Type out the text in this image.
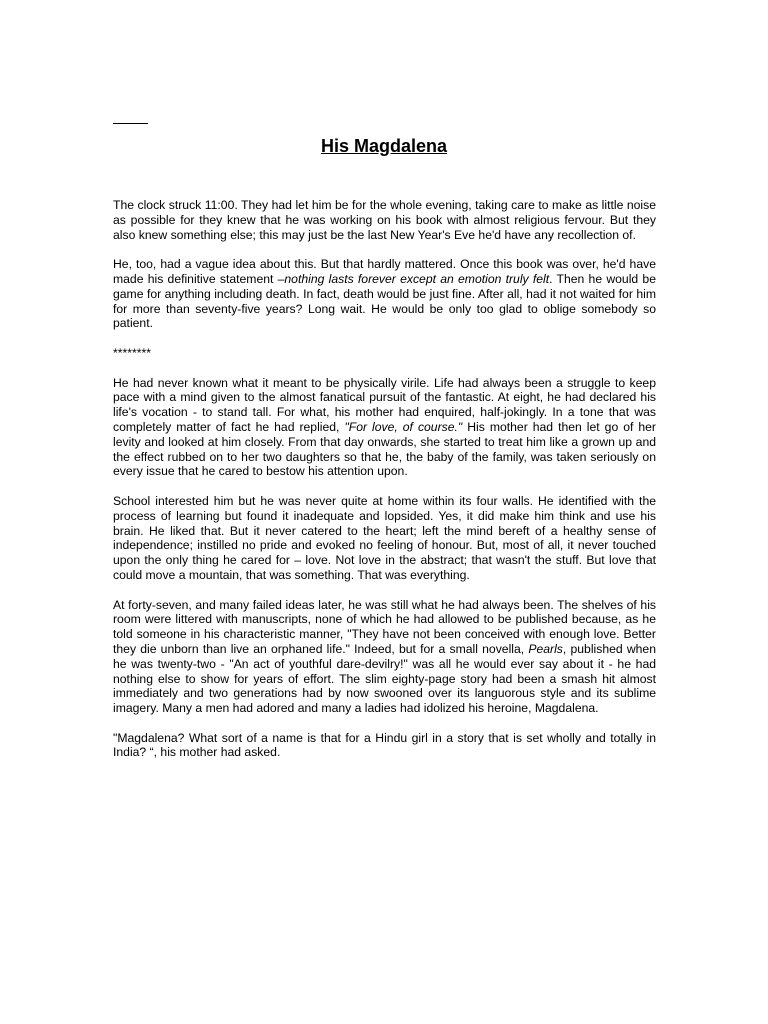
His Magdalena

The clock struck 11:00. They had let him be for the whole evening, taking care to make as little noise as possible for they knew that he was working on his book with almost religious fervour. But they also knew something else; this may just be the last New Year's Eve he'd have any recollection of.

He, too, had a vague idea about this. But that hardly mattered. Once this book was over, he'd have made his definitive statement –nothing lasts forever except an emotion truly felt. Then he would be game for anything including death. In fact, death would be just fine. After all, had it not waited for him for more than seventy-five years? Long wait. He would be only too glad to oblige somebody so patient.

********

He had never known what it meant to be physically virile. Life had always been a struggle to keep pace with a mind given to the almost fanatical pursuit of the fantastic. At eight, he had declared his life's vocation - to stand tall. For what, his mother had enquired, half-jokingly. In a tone that was completely matter of fact he had replied, "For love, of course." His mother had then let go of her levity and looked at him closely. From that day onwards, she started to treat him like a grown up and the effect rubbed on to her two daughters so that he, the baby of the family, was taken seriously on every issue that he cared to bestow his attention upon.

School interested him but he was never quite at home within its four walls. He identified with the process of learning but found it inadequate and lopsided. Yes, it did make him think and use his brain. He liked that. But it never catered to the heart; left the mind bereft of a healthy sense of independence; instilled no pride and evoked no feeling of honour. But, most of all, it never touched upon the only thing he cared for – love. Not love in the abstract; that wasn't the stuff. But love that could move a mountain, that was something. That was everything.

At forty-seven, and many failed ideas later, he was still what he had always been. The shelves of his room were littered with manuscripts, none of which he had allowed to be published because, as he told someone in his characteristic manner, "They have not been conceived with enough love. Better they die unborn than live an orphaned life." Indeed, but for a small novella, Pearls, published when he was twenty-two - "An act of youthful dare-devilry!" was all he would ever say about it - he had nothing else to show for years of effort. The slim eighty-page story had been a smash hit almost immediately and two generations had by now swooned over its languorous style and its sublime imagery. Many a men had adored and many a ladies had idolized his heroine, Magdalena.

"Magdalena? What sort of a name is that for a Hindu girl in a story that is set wholly and totally in India? “, his mother had asked.
